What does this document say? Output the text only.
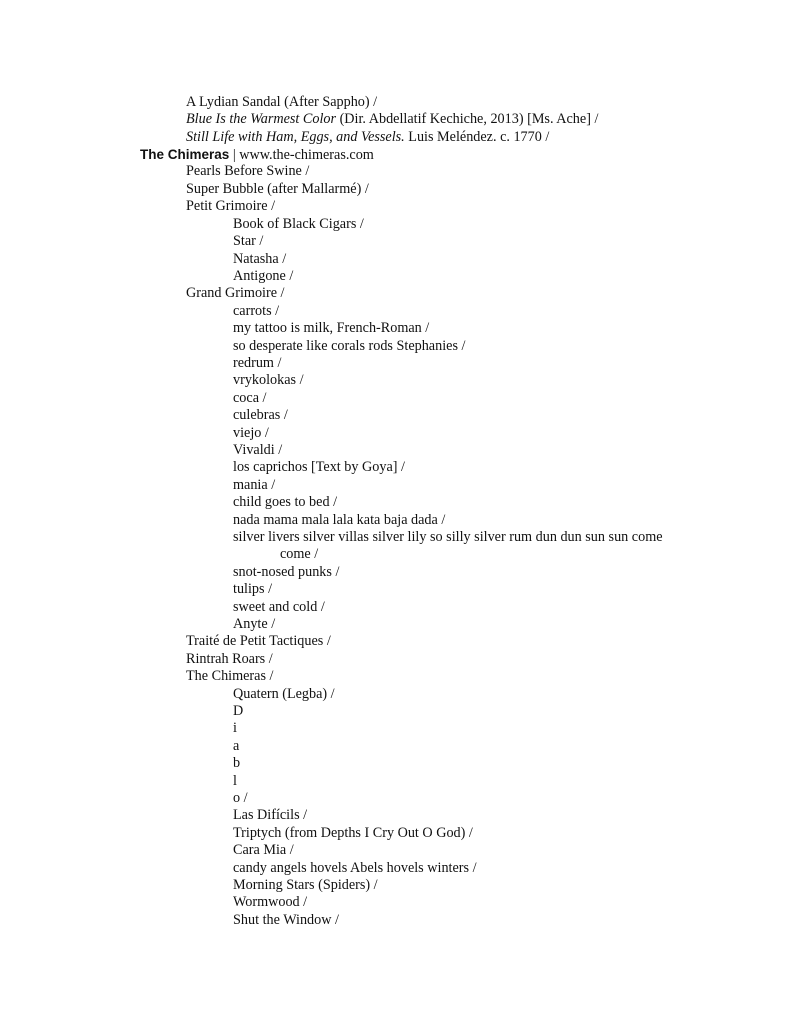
A Lydian Sandal (After Sappho) /
Blue Is the Warmest Color (Dir. Abdellatif Kechiche, 2013) [Ms. Ache] /
Still Life with Ham, Eggs, and Vessels. Luis Meléndez. c. 1770 /
The Chimeras | www.the-chimeras.com
Pearls Before Swine /
Super Bubble (after Mallarmé) /
Petit Grimoire /
Book of Black Cigars /
Star /
Natasha /
Antigone /
Grand Grimoire /
carrots /
my tattoo is milk, French-Roman /
so desperate like corals rods Stephanies /
redrum /
vrykolokas /
coca /
culebras /
viejo /
Vivaldi /
los caprichos [Text by Goya] /
mania /
child goes to bed /
nada mama mala lala kata baja dada /
silver livers silver villas silver lily so silly silver rum dun dun sun sun come
come /
snot-nosed punks /
tulips /
sweet and cold /
Anyte /
Traité de Petit Tactiques /
Rintrah Roars /
The Chimeras /
Quatern (Legba) /
D
i
a
b
l
o /
Las Difícils /
Triptych (from Depths I Cry Out O God) /
Cara Mia /
candy angels hovels Abels hovels winters /
Morning Stars (Spiders) /
Wormwood /
Shut the Window /
